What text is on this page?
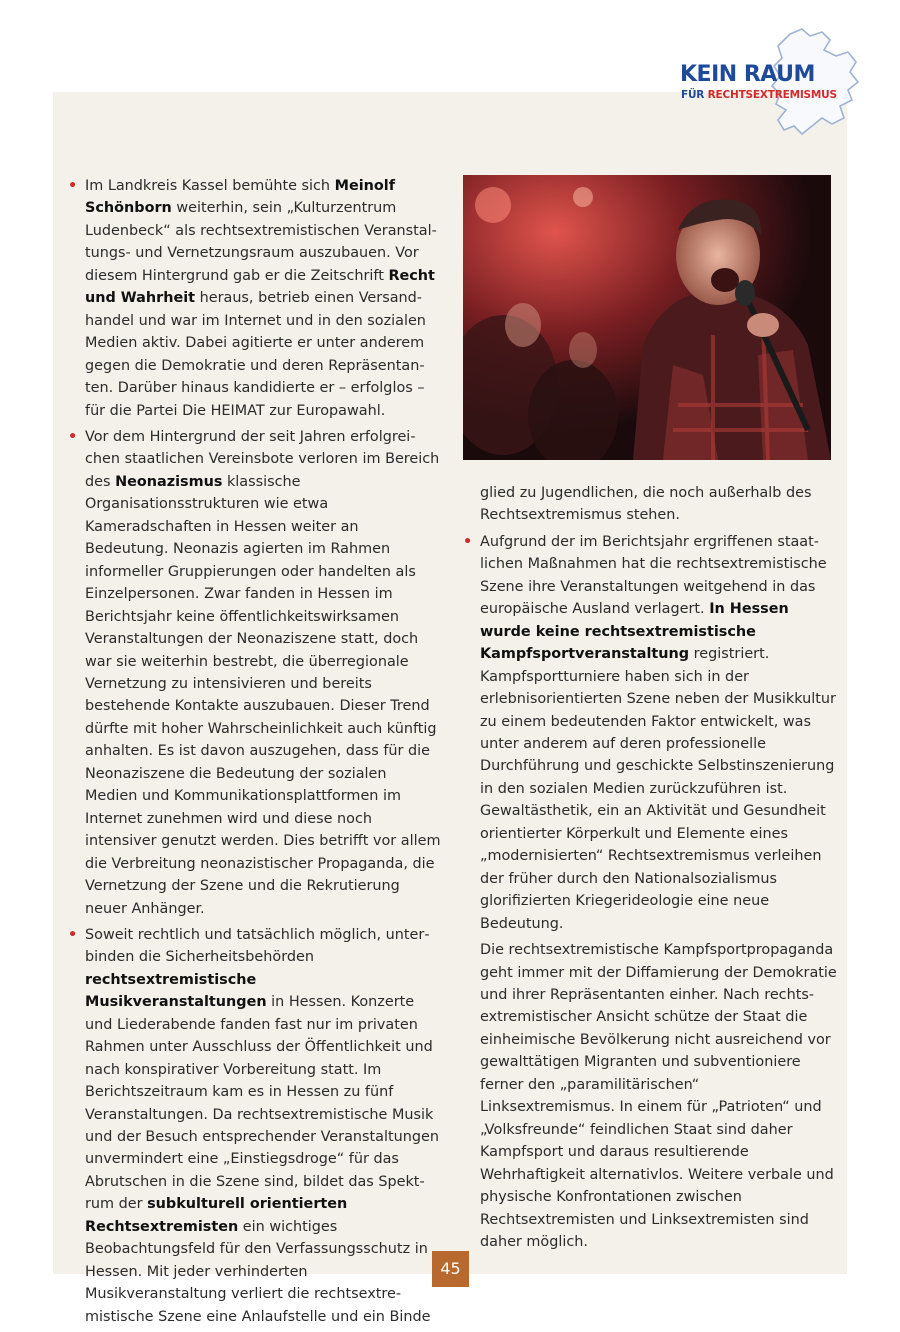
KEIN RAUM
FÜR RECHTSEXTREMISMUS
• Im Landkreis Kassel bemühte sich Meinolf Schönborn weiterhin, sein „Kulturzentrum Ludenbeck“ als rechtsextremistischen Veranstaltungs- und Vernetzungsraum auszubauen. Vor diesem Hintergrund gab er die Zeitschrift Recht und Wahrheit heraus, betrieb einen Versandhandel und war im Internet und in den sozialen Medien aktiv. Dabei agitierte er unter anderem gegen die Demokratie und deren Repräsentanten. Darüber hinaus kandidierte er – erfolglos – für die Partei Die HEIMAT zur Europawahl.
• Vor dem Hintergrund der seit Jahren erfolgreichen staatlichen Vereinsbote verloren im Bereich des Neonazismus klassische Organisationsstrukturen wie etwa Kameradschaften in Hessen weiter an Bedeutung. Neonazis agierten im Rahmen informeller Gruppierungen oder handelten als Einzelpersonen. Zwar fanden in Hessen im Berichtsjahr keine öffentlichkeitswirksamen Veranstaltungen der Neonaziszene statt, doch war sie weiterhin bestrebt, die überregionale Vernetzung zu intensivieren und bereits bestehende Kontakte auszubauen. Dieser Trend dürfte mit hoher Wahrscheinlichkeit auch künftig anhalten. Es ist davon auszugehen, dass für die Neonaziszene die Bedeutung der sozialen Medien und Kommunikationsplattformen im Internet zunehmen wird und diese noch intensiver genutzt werden. Dies betrifft vor allem die Verbreitung neonazistischer Propaganda, die Vernetzung der Szene und die Rekrutierung neuer Anhänger.
• Soweit rechtlich und tatsächlich möglich, unterbinden die Sicherheitsbehörden rechtsextremistische Musikveranstaltungen in Hessen. Konzerte und Liederabende fanden fast nur im privaten Rahmen unter Ausschluss der Öffentlichkeit und nach konspirativer Vorbereitung statt. Im Berichtszeitraum kam es in Hessen zu fünf Veranstaltungen. Da rechtsextremistische Musik und der Besuch entsprechender Veranstaltungen unvermindert eine „Einstiegsdroge“ für das Abrutschen in die Szene sind, bildet das Spektrum der subkulturell orientierten Rechtsextremisten ein wichtiges Beobachtungsfeld für den Verfassungsschutz in Hessen. Mit jeder verhinderten Musikveranstaltung verliert die rechtsextremistische Szene eine Anlaufstelle und ein Binde

glied zu Jugendlichen, die noch außerhalb des Rechtsextremismus stehen.

• Aufgrund der im Berichtsjahr ergriffenen staatlichen Maßnahmen hat die rechtsextremistische Szene ihre Veranstaltungen weitgehend in das europäische Ausland verlagert. In Hessen wurde keine rechtsextremistische Kampfsportveranstaltung registriert. Kampfsportturniere haben sich in der erlebnisorientierten Szene neben der Musikkultur zu einem bedeutenden Faktor entwickelt, was unter anderem auf deren professionelle Durchführung und geschickte Selbstinszenierung in den sozialen Medien zurückzuführen ist. Gewaltästhetik, ein an Aktivität und Gesundheit orientierter Körperkult und Elemente eines „modernisierten“ Rechtsextremismus verleihen der früher durch den Nationalsozialismus glorifizierten Kriegerideologie eine neue Bedeutung.

Die rechtsextremistische Kampfsportpropaganda geht immer mit der Diffamierung der Demokratie und ihrer Repräsentanten einher. Nach rechtsextremistischer Ansicht schütze der Staat die einheimische Bevölkerung nicht ausreichend vor gewalttätigen Migranten und subventioniere ferner den „paramilitärischen“ Linksextremismus. In einem für „Patrioten“ und „Volksfreunde“ feindlichen Staat sind daher Kampfsport und daraus resultierende Wehrhaftigkeit alternativlos. Weitere verbale und physische Konfrontationen zwischen Rechtsextremisten und Linksextremisten sind daher möglich.

45
